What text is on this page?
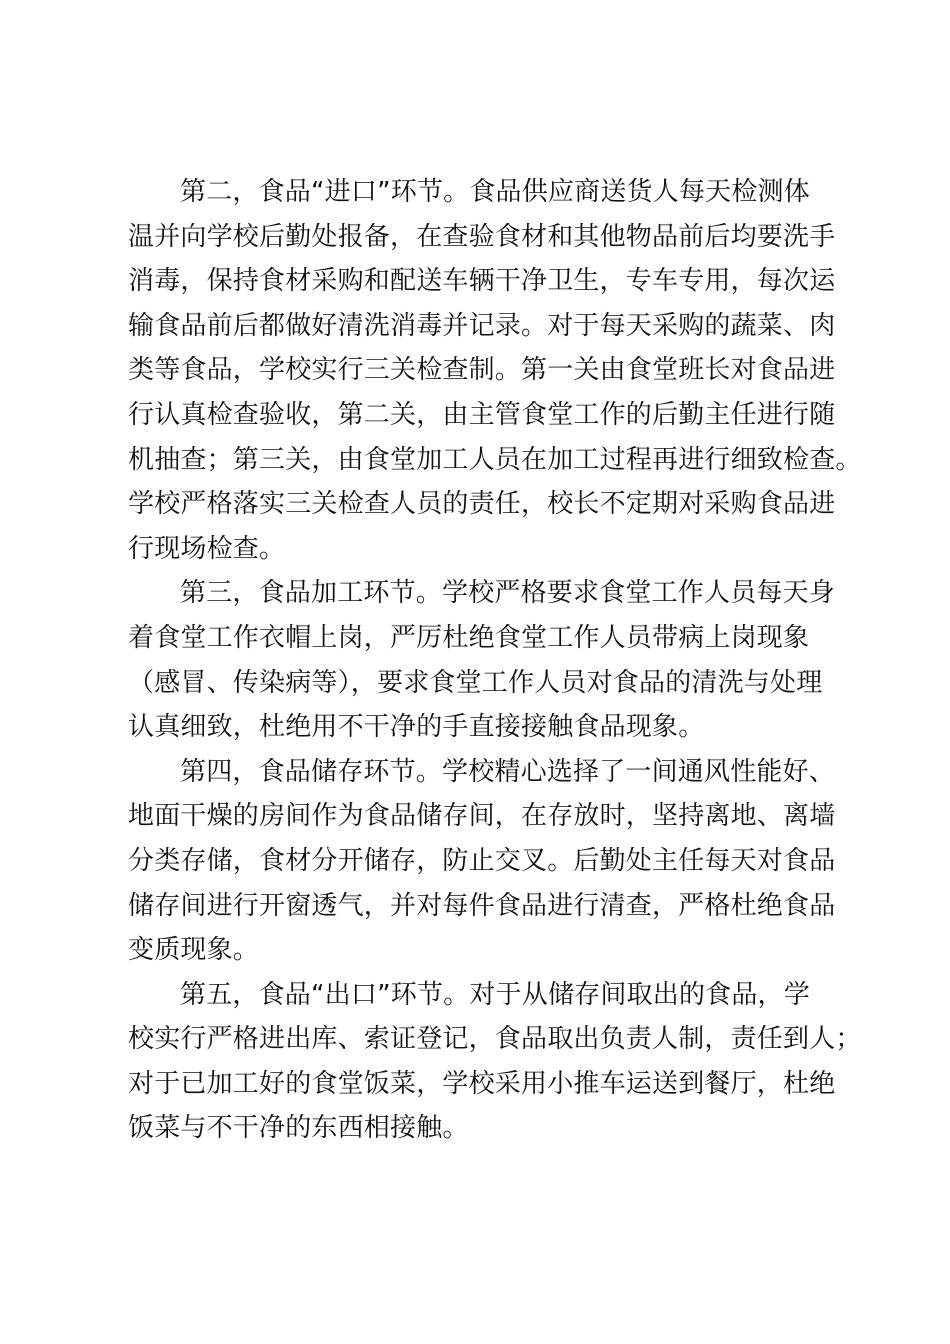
第二，食品“进口”环节。食品供应商送货人每天检测体
温并向学校后勤处报备，在查验食材和其他物品前后均要洗手
消毒，保持食材采购和配送车辆干净卫生，专车专用，每次运
输食品前后都做好清洗消毒并记录。对于每天采购的蔬菜、肉
类等食品，学校实行三关检查制。第一关由食堂班长对食品进
行认真检查验收，第二关，由主管食堂工作的后勤主任进行随
机抽查；第三关，由食堂加工人员在加工过程再进行细致检查。
学校严格落实三关检查人员的责任，校长不定期对采购食品进
行现场检查。
第三，食品加工环节。学校严格要求食堂工作人员每天身
着食堂工作衣帽上岗，严厉杜绝食堂工作人员带病上岗现象
（感冒、传染病等），要求食堂工作人员对食品的清洗与处理
认真细致，杜绝用不干净的手直接接触食品现象。
第四，食品储存环节。学校精心选择了一间通风性能好、
地面干燥的房间作为食品储存间，在存放时，坚持离地、离墙
分类存储，食材分开储存，防止交叉。后勤处主任每天对食品
储存间进行开窗透气，并对每件食品进行清查，严格杜绝食品
变质现象。
第五，食品“出口”环节。对于从储存间取出的食品，学
校实行严格进出库、索证登记，食品取出负责人制，责任到人；
对于已加工好的食堂饭菜，学校采用小推车运送到餐厅，杜绝
饭菜与不干净的东西相接触。
